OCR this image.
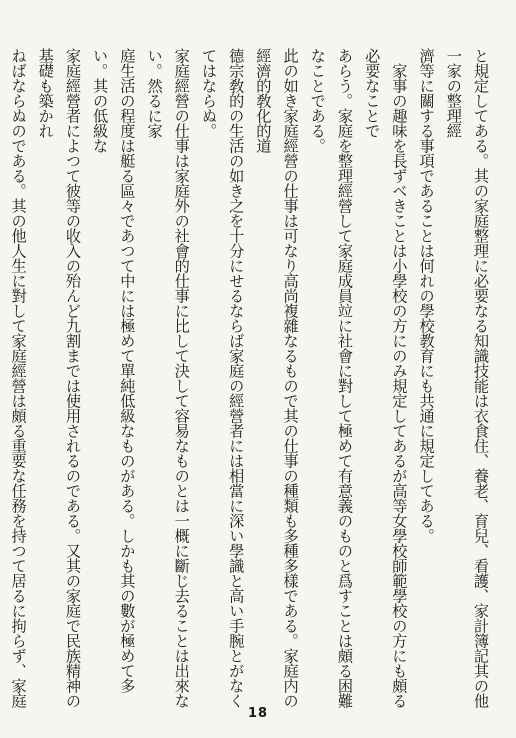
と規定してある。其の家庭整理に必要なる知識技能は衣食住、養老、育兒、看護、家計簿記其の他一家の整理經
濟等に關する事項であることは何れの學校教育にも共通に規定してある。
　家事の趣味を長ずべきことは小學校の方にのみ規定してあるが高等女學校師範學校の方にも頗る必要なことで
あらう。家庭を整理經營して家庭成員竝に社會に對して極めて有意義のものと爲すことは頗る困難なことである。
此の如き家庭經營の仕事は可なり高尚複雜なるもので其の仕事の種類も多種多樣である。家庭内の經濟的敎化的道
德宗敎的の生活の如き之を十分にせるならば家庭の經營者には相當に深い學識と高い手腕とがなくてはならぬ。
家庭經營の仕事は家庭外の社會的仕事に比して決して容易なものとは一概に斷じ去ることは出來ない。然るに家
庭生活の程度は艇る區々であつて中には極めて單純低級なものがある。しかも其の數が極めて多い。其の低級な
家庭經營者によつて彼等の收入の殆んど九割までは使用されるのである。又其の家庭で民族精神の基礎も築かれ
ねばならぬのである。其の他人生に對して家庭經營は頗る重要な任務を持つて居るに拘らず、家庭
18
